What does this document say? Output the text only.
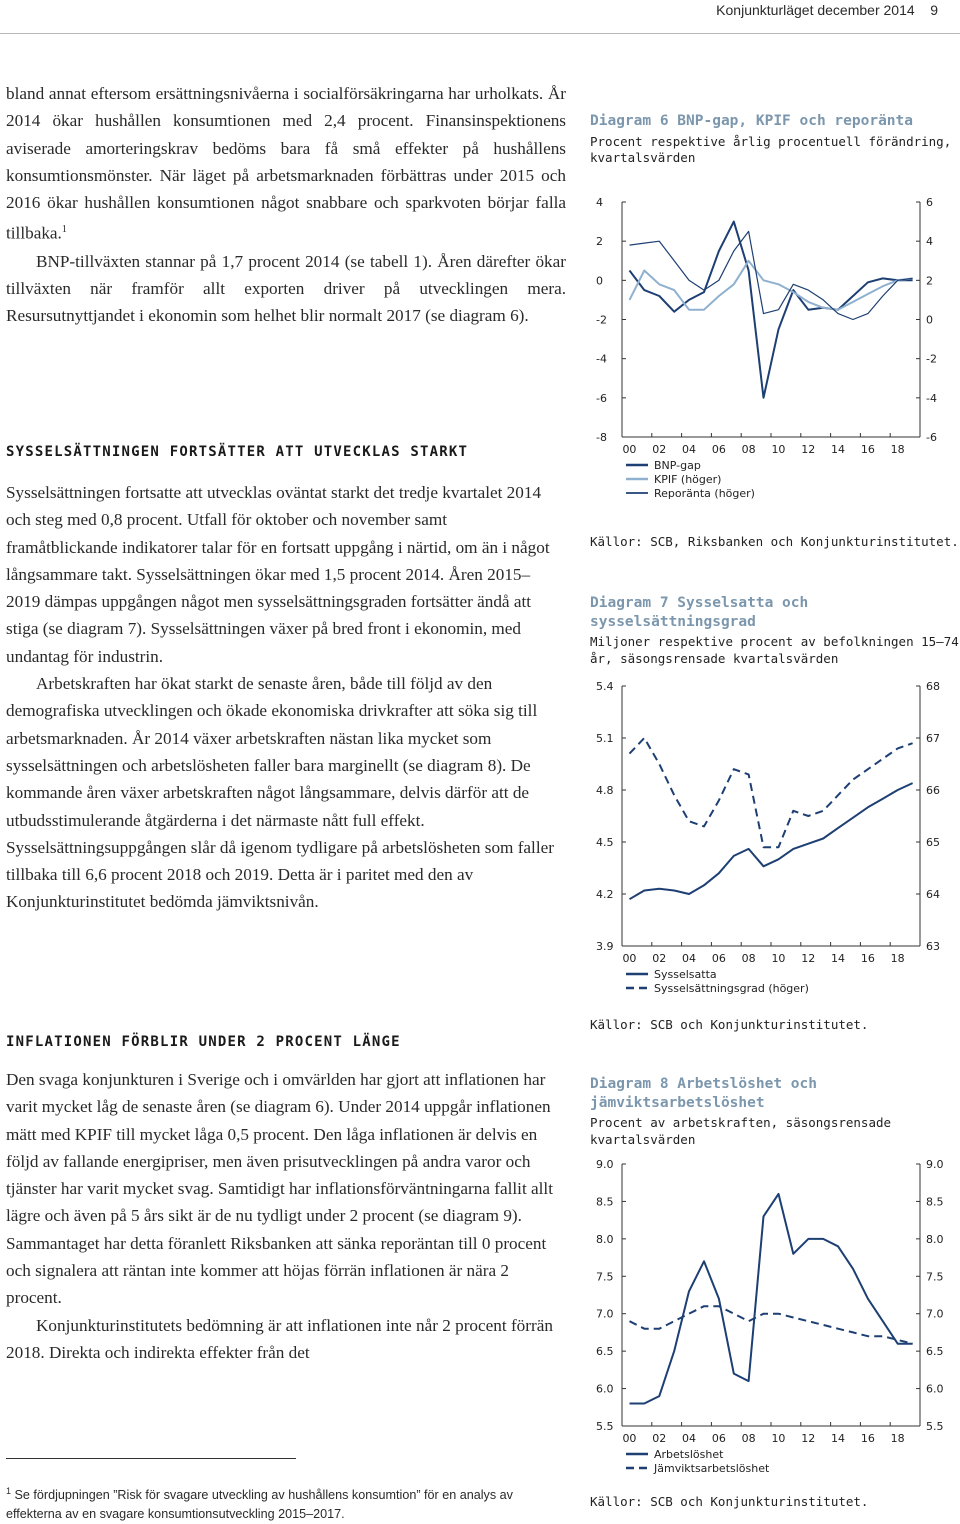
Konjunkturläget december 2014 9

bland annat eftersom ersättningsnivåerna i socialförsäkringarna har urholkats. År 2014 ökar hushållen konsumtionen med 2,4 procent. Finansinspektionens aviserade amorteringskrav bedöms bara få små effekter på hushållens konsumtionsmönster. När läget på arbetsmarknaden förbättras under 2015 och 2016 ökar hushållen konsumtionen något snabbare och sparkvoten börjar falla tillbaka.$^1$

BNP-tillväxten stannar på 1,7 procent 2014 (se tabell 1). Åren därefter ökar tillväxten när framför allt exporten driver på utvecklingen mera. Resursutnyttjandet i ekonomin som helhet blir normalt 2017 (se diagram 6).

SYSSELSÄTTNINGEN FORTSÄTTER ATT UTVECKLAS STARKT

Sysselsättningen fortsatte att utvecklas oväntat starkt det tredje kvartalet 2014 och steg med 0,8 procent. Utfall för oktober och november samt framåtblickande indikatorer talar för en fortsatt uppgång i närtid, om än i något långsammare takt. Sysselsättningen ökar med 1,5 procent 2014. Åren 2015–2019 dämpas uppgången något men sysselsättningsgraden fortsätter ändå att stiga (se diagram 7). Sysselsättningen växer på bred front i ekonomin, med undantag för industrin.

Arbetskraften har ökat starkt de senaste åren, både till följd av den demografiska utvecklingen och ökade ekonomiska drivkrafter att söka sig till arbetsmarknaden. År 2014 växer arbetskraften nästan lika mycket som sysselsättningen och arbetslösheten faller bara marginellt (se diagram 8). De kommande åren växer arbetskraften något långsammare, delvis därför att de utbudsstimulerande åtgärderna i det närmaste nått full effekt. Sysselsättningsuppgången slår då igenom tydligare på arbetslösheten som faller tillbaka till 6,6 procent 2018 och 2019. Detta är i paritet med den av Konjunkturinstitutet bedömda jämviktsnivån.

INFLATIONEN FÖRBLIR UNDER 2 PROCENT LÄNGE

Den svaga konjunkturen i Sverige och i omvärlden har gjort att inflationen har varit mycket låg de senaste åren (se diagram 6). Under 2014 uppgår inflationen mätt med KPIF till mycket låga 0,5 procent. Den låga inflationen är delvis en följd av fallande energipriser, men även prisutvecklingen på andra varor och tjänster har varit mycket svag. Samtidigt har inflationsförväntningarna fallit allt lägre och även på 5 års sikt är de nu tydligt under 2 procent (se diagram 9). Sammantaget har detta föranlett Riksbanken att sänka reporäntan till 0 procent och signalera att räntan inte kommer att höjas förrän inflationen är nära 2 procent.

Konjunkturinstitutets bedömning är att inflationen inte når 2 procent förrän 2018. Direkta och indirekta effekter från det

$^1$ Se fördjupningen ”Risk för svagare utveckling av hushållens konsumtion” för en analys av effekterna av en svagare konsumtionsutveckling 2015–2017.
Diagram 6 BNP-gap, KPIF och reporänta
Procent respektive årlig procentuell förändring, kvartalsvärden
4
2
0
-2
-4
-6
-8
6
4
2
0
-2
-4
-6
00 02 04 06 08 10 12 14 16 18
BNP-gap
KPIF (höger)
Reporänta (höger)
Källor: SCB, Riksbanken och Konjunkturinstitutet.
Diagram 7 Sysselsatta och sysselsättningsgrad
Miljoner respektive procent av befolkningen 15–74 år, säsongsrensade kvartalsvärden
5.4
5.1
4.8
4.5
4.2
3.9
68
67
66
65
64
63
00 02 04 06 08 10 12 14 16 18
Sysselsatta
Sysselsättningsgrad (höger)
Källor: SCB och Konjunkturinstitutet.
Diagram 8 Arbetslöshet och jämviktsarbetslöshet
Procent av arbetskraften, säsongsrensade kvartalsvärden
9.0
8.5
8.0
7.5
7.0
6.5
6.0
5.5
9.0
8.5
8.0
7.5
7.0
6.5
6.0
5.5
00 02 04 06 08 10 12 14 16 18
Arbetslöshet
Jämviktsarbetslöshet
Källor: SCB och Konjunkturinstitutet.
